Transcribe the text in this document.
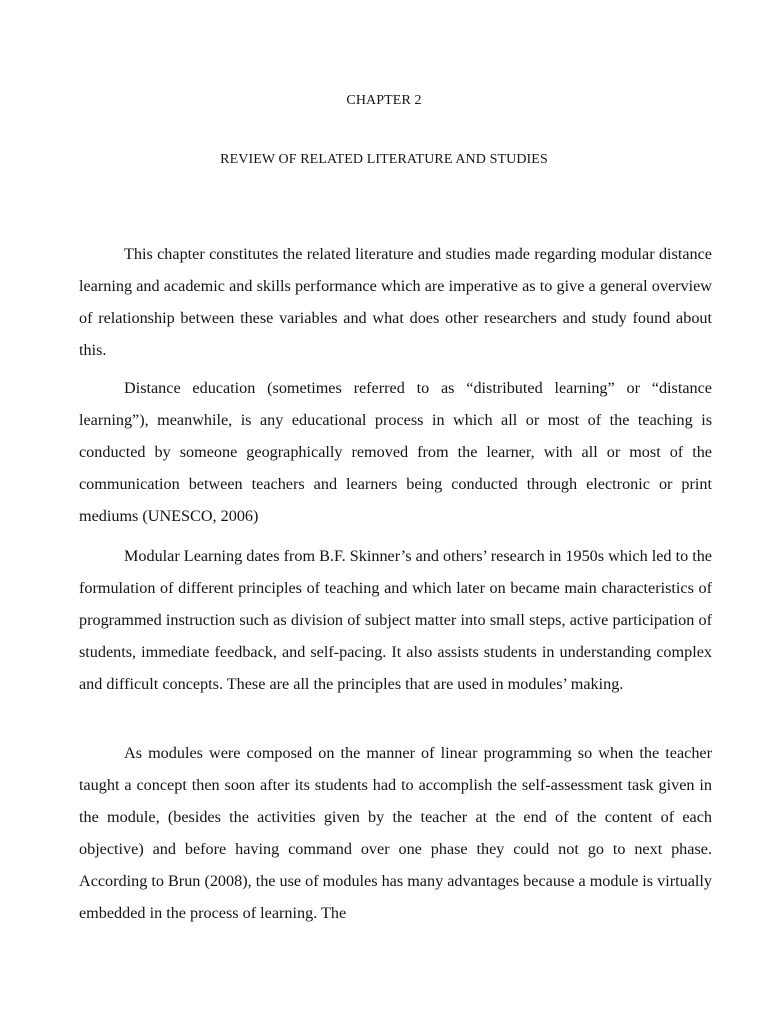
CHAPTER 2
REVIEW OF RELATED LITERATURE AND STUDIES

This chapter constitutes the related literature and studies made regarding modular distance learning and academic and skills performance which are imperative as to give a general overview of relationship between these variables and what does other researchers and study found about this.

Distance education (sometimes referred to as “distributed learning” or “distance learning”), meanwhile, is any educational process in which all or most of the teaching is conducted by someone geographically removed from the learner, with all or most of the communication between teachers and learners being conducted through electronic or print mediums (UNESCO, 2006)

Modular Learning dates from B.F. Skinner’s and others’ research in 1950s which led to the formulation of different principles of teaching and which later on became main characteristics of programmed instruction such as division of subject matter into small steps, active participation of students, immediate feedback, and self-pacing. It also assists students in understanding complex and difficult concepts. These are all the principles that are used in modules’ making.

As modules were composed on the manner of linear programming so when the teacher taught a concept then soon after its students had to accomplish the self-assessment task given in the module, (besides the activities given by the teacher at the end of the content of each objective) and before having command over one phase they could not go to next phase. According to Brun (2008), the use of modules has many advantages because a module is virtually embedded in the process of learning. The
